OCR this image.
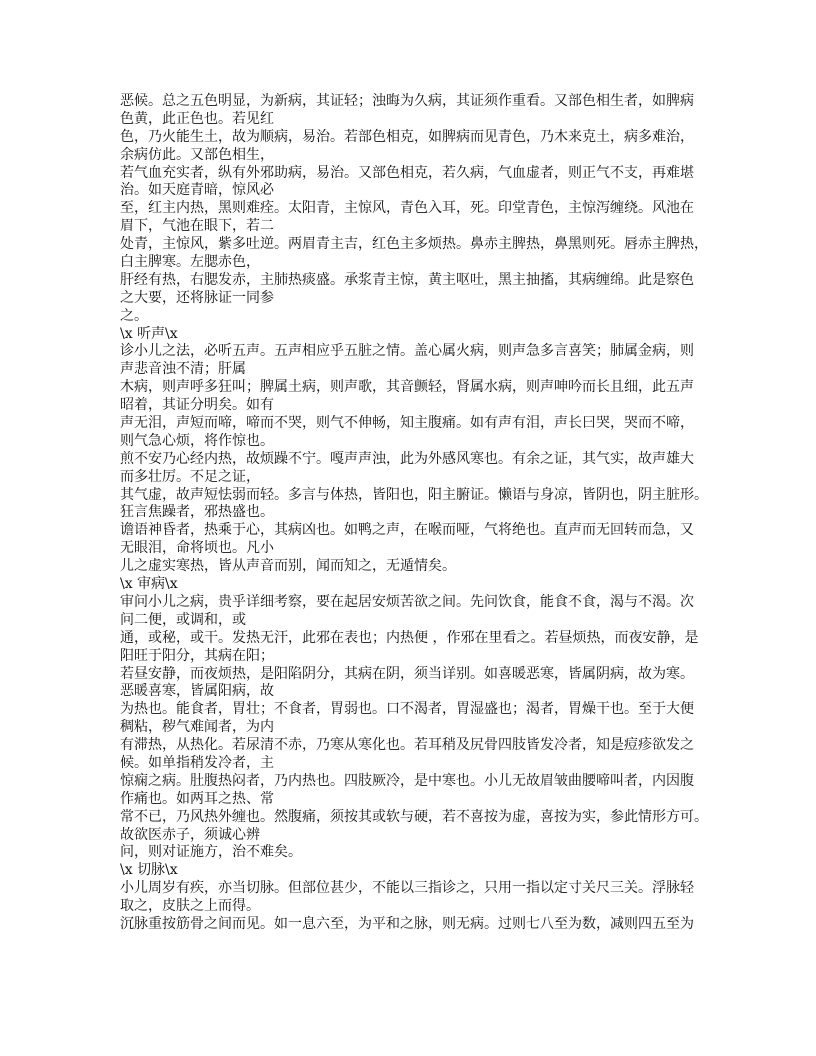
恶候。总之五色明显，为新病，其证轻；浊晦为久病，其证须作重看。又部色相生者，如脾病
色黄，此正色也。若见红
色，乃火能生土，故为顺病，易治。若部色相克，如脾病而见青色，乃木来克土，病多难治，
余病仿此。又部色相生，
若气血充实者，纵有外邪助病，易治。又部色相克，若久病，气血虚者，则正气不支，再难堪
治。如天庭青暗，惊风必
至，红主内热，黑则难痊。太阳青，主惊风，青色入耳，死。印堂青色，主惊泻缠绕。风池在
眉下，气池在眼下，若二
处青，主惊风，紫多吐逆。两眉青主吉，红色主多烦热。鼻赤主脾热，鼻黑则死。唇赤主脾热，
白主脾寒。左腮赤色，
肝经有热，右腮发赤，主肺热痰盛。承浆青主惊，黄主呕吐，黑主抽搐，其病缠绵。此是察色
之大要，还将脉证一同参
之。
\x 听声\x
诊小儿之法，必听五声。五声相应乎五脏之情。盖心属火病，则声急多言喜笑；肺属金病，则
声悲音浊不清；肝属
木病，则声呼多狂叫；脾属土病，则声歌，其音颤轻，肾属水病，则声呻吟而长且细，此五声
昭着，其证分明矣。如有
声无泪，声短而啼，啼而不哭，则气不伸畅，知主腹痛。如有声有泪，声长曰哭，哭而不啼，
则气急心烦，将作惊也。
煎不安乃心经内热，故烦躁不宁。嘎声声浊，此为外感风寒也。有余之证，其气实，故声雄大
而多壮厉。不足之证，
其气虚，故声短怯弱而轻。多言与体热，皆阳也，阳主腑证。懒语与身凉，皆阴也，阴主脏形。
狂言焦躁者，邪热盛也。
谵语神昏者，热乘于心，其病凶也。如鸭之声，在喉而哑，气将绝也。直声而无回转而急，又
无眼泪，命将顷也。凡小
儿之虚实寒热，皆从声音而别，闻而知之，无遁情矣。
\x 审病\x
审问小儿之病，贵乎详细考察，要在起居安烦苦欲之间。先问饮食，能食不食，渴与不渴。次
问二便，或调和，或
通，或秘，或干。发热无汗，此邪在表也；内热便 ，作邪在里看之。若昼烦热，而夜安静，是
阳旺于阳分，其病在阳；
若昼安静，而夜烦热，是阳陷阴分，其病在阴，须当详别。如喜暖恶寒，皆属阴病，故为寒。
恶暖喜寒，皆属阳病，故
为热也。能食者，胃壮；不食者，胃弱也。口不渴者，胃湿盛也；渴者，胃燥干也。至于大便
稠粘，秽气难闻者，为内
有滞热，从热化。若尿清不赤，乃寒从寒化也。若耳稍及尻骨四肢皆发冷者，知是痘疹欲发之
候。如单指稍发冷者，主
惊痫之病。肚腹热闷者，乃内热也。四肢厥冷，是中寒也。小儿无故眉皱曲腰啼叫者，内因腹
作痛也。如两耳之热、常
常不已，乃风热外缠也。然腹痛，须按其或软与硬，若不喜按为虚，喜按为实，参此情形方可。
故欲医赤子，须诚心辨
问，则对证施方，治不难矣。
\x 切脉\x
小儿周岁有疾，亦当切脉。但部位甚少，不能以三指诊之，只用一指以定寸关尺三关。浮脉轻
取之，皮肤之上而得。
沉脉重按筋骨之间而见。如一息六至，为平和之脉，则无病。过则七八至为数，减则四五至为
